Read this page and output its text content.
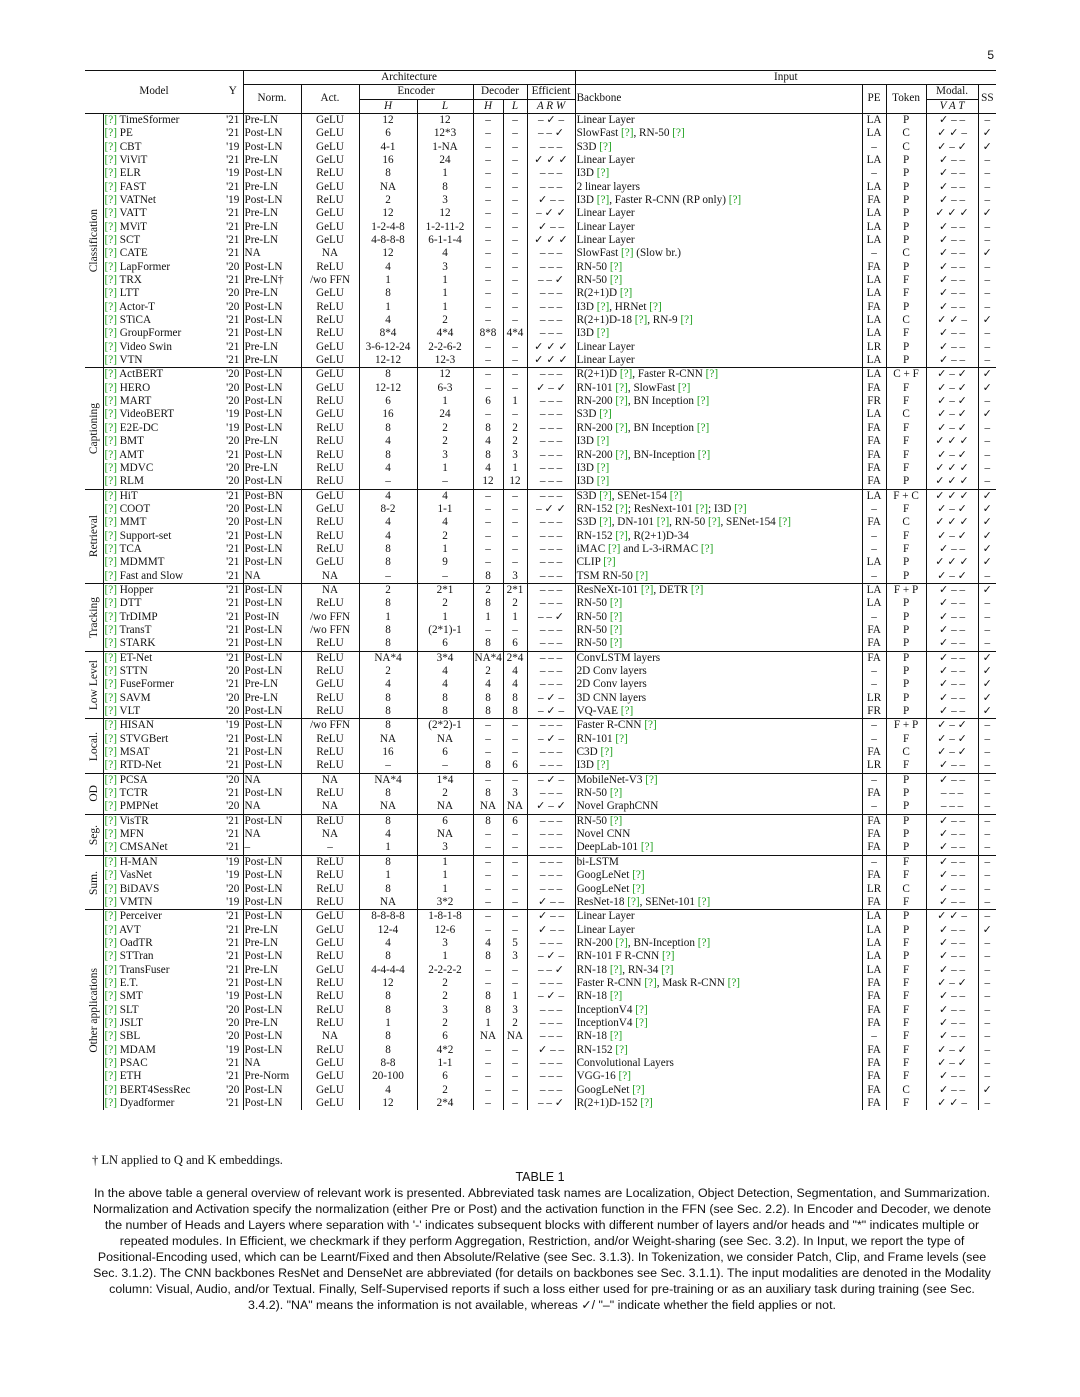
5
Model		Y	Architecture							Input				
			Norm.	Act.	Encoder		Decoder		Efficient	Backbone	PE	Token	Modal.	SS
					H	L	H	L	A R W				V A T	

Classification	[?] TimeSformer	'21	Pre-LN	GeLU	12	12	–	–	– ✓ –	Linear Layer	LA	P	✓ – –	–
	[?] PE	'21	Post-LN	GeLU	6	12*3	–	–	– – ✓	SlowFast [?], RN-50 [?]	LA	C	✓ ✓ –	✓
	[?] CBT	'19	Post-LN	GeLU	4-1	1-NA	–	–	– – –	S3D [?]	–	C	✓ – ✓	✓
	[?] ViViT	'21	Pre-LN	GeLU	16	24	–	–	✓ ✓ ✓	Linear Layer	LA	P	✓ – –	–
	[?] ELR	'19	Post-LN	ReLU	8	1	–	–	– – –	I3D [?]	–	P	✓ – –	–
	[?] FAST	'21	Pre-LN	GeLU	NA	8	–	–	– – –	2 linear layers	LA	P	✓ – –	–
	[?] VATNet	'19	Post-LN	ReLU	2	3	–	–	✓ – –	I3D [?], Faster R-CNN (RP only) [?]	FA	P	✓ – –	–
	[?] VATT	'21	Pre-LN	GeLU	12	12	–	–	– ✓ ✓	Linear Layer	LA	P	✓ ✓ ✓	✓
	[?] MViT	'21	Pre-LN	GeLU	1-2-4-8	1-2-11-2	–	–	✓ – –	Linear Layer	LA	P	✓ – –	–
	[?] SCT	'21	Pre-LN	GeLU	4-8-8-8	6-1-1-4	–	–	✓ ✓ ✓	Linear Layer	LA	P	✓ – –	–
	[?] CATE	'21	NA	NA	12	4	–	–	– – –	SlowFast [?] (Slow br.)	–	C	✓ – –	✓
	[?] LapFormer	'20	Post-LN	ReLU	4	3	–	–	– – –	RN-50 [?]	FA	P	✓ – –	–
	[?] TRX	'21	Pre-LN†	/wo FFN	1	1	–	–	– – ✓	RN-50 [?]	LA	F	✓ – –	–
	[?] LTT	'20	Pre-LN	GeLU	8	1	–	–	– – –	R(2+1)D [?]	LA	F	✓ – –	–
	[?] Actor-T	'20	Post-LN	ReLU	1	1	–	–	– – –	I3D [?], HRNet [?]	FA	P	✓ – –	–
	[?] STiCA	'21	Post-LN	ReLU	4	2	–	–	– – –	R(2+1)D-18 [?], RN-9 [?]	LA	C	✓ ✓ –	✓
	[?] GroupFormer	'21	Post-LN	ReLU	8*4	4*4	8*8	4*4	– – –	I3D [?]	LA	F	✓ – –	–
	[?] Video Swin	'21	Pre-LN	GeLU	3-6-12-24	2-2-6-2	–	–	✓ ✓ ✓	Linear Layer	LR	P	✓ – –	–
	[?] VTN	'21	Pre-LN	GeLU	12-12	12-3	–	–	✓ ✓ ✓	Linear Layer	LA	P	✓ – –	–

Captioning	[?] ActBERT	'20	Post-LN	GeLU	8	12	–	–	– – –	R(2+1)D [?], Faster R-CNN [?]	LA	C + F	✓ – ✓	✓
	[?] HERO	'20	Post-LN	GeLU	12-12	6-3	–	–	✓ – ✓	RN-101 [?], SlowFast [?]	FA	F	✓ – ✓	✓
	[?] MART	'20	Post-LN	ReLU	6	1	6	1	– – –	RN-200 [?], BN Inception [?]	FR	F	✓ – ✓	–
	[?] VideoBERT	'19	Post-LN	GeLU	16	24	–	–	– – –	S3D [?]	LA	C	✓ – ✓	✓
	[?] E2E-DC	'19	Post-LN	ReLU	8	2	8	2	– – –	RN-200 [?], BN Inception [?]	FA	F	✓ – ✓	–
	[?] BMT	'20	Pre-LN	ReLU	4	2	4	2	– – –	I3D [?]	FA	F	✓ ✓ ✓	–
	[?] AMT	'21	Post-LN	ReLU	8	3	8	3	– – –	RN-200 [?], BN-Inception [?]	FA	F	✓ – ✓	–
	[?] MDVC	'20	Pre-LN	ReLU	4	1	4	1	– – –	I3D [?]	FA	F	✓ ✓ ✓	–
	[?] RLM	'20	Post-LN	ReLU	–	–	12	12	– – –	I3D [?]	FA	P	✓ ✓ ✓	–

Retrieval	[?] HiT	'21	Post-BN	GeLU	4	4	–	–	– – –	S3D [?], SENet-154 [?]	LA	F + C	✓ ✓ ✓	✓
	[?] COOT	'20	Post-LN	GeLU	8-2	1-1	–	–	– ✓ ✓	RN-152 [?]; ResNext-101 [?]; I3D [?]	–	F	✓ – ✓	✓
	[?] MMT	'20	Post-LN	ReLU	4	4	–	–	– – –	S3D [?], DN-101 [?], RN-50 [?], SENet-154 [?]	FA	C	✓ ✓ ✓	✓
	[?] Support-set	'21	Post-LN	ReLU	4	2	–	–	– – –	RN-152 [?], R(2+1)D-34	–	F	✓ – ✓	✓
	[?] TCA	'21	Post-LN	ReLU	8	1	–	–	– – –	iMAC [?] and L-3-iRMAC [?]	–	F	✓ – –	✓
	[?] MDMMT	'21	Post-LN	GeLU	8	9	–	–	– – –	CLIP [?]	LA	P	✓ ✓ ✓	✓
	[?] Fast and Slow	'21	NA	NA	–	–	8	3	– – –	TSM RN-50 [?]	–	P	✓ – ✓	–

Tracking	[?] Hopper	'21	Post-LN	NA	2	2*1	2	2*1	– – –	ResNeXt-101 [?], DETR [?]	LA	F + P	✓ – –	✓
	[?] DTT	'21	Post-LN	ReLU	8	2	8	2	– – –	RN-50 [?]	LA	P	✓ – –	–
	[?] TrDIMP	'21	Post-IN	/wo FFN	1	1	1	1	– – ✓	RN-50 [?]	–	P	✓ – –	–
	[?] TransT	'21	Post-LN	/wo FFN	8	(2*1)-1	–	–	– – –	RN-50 [?]	FA	P	✓ – –	–
	[?] STARK	'21	Post-LN	ReLU	8	6	8	6	– – –	RN-50 [?]	FA	P	✓ – –	–

Low Level	[?] ET-Net	'21	Post-LN	ReLU	NA*4	3*4	NA*4	2*4	– – –	ConvLSTM layers	FA	P	✓ – –	✓
	[?] STTN	'20	Post-LN	ReLU	2	4	2	4	– – –	2D Conv layers	–	P	✓ – –	✓
	[?] FuseFormer	'21	Pre-LN	GeLU	4	4	4	4	– – –	2D Conv layers	–	P	✓ – –	✓
	[?] SAVM	'20	Pre-LN	ReLU	8	8	8	8	– ✓ –	3D CNN layers	LR	P	✓ – –	✓
	[?] VLT	'20	Post-LN	ReLU	8	8	8	8	– ✓ –	VQ-VAE [?]	FR	P	✓ – –	✓

Local.	[?] HISAN	'19	Post-LN	/wo FFN	8	(2*2)-1	–	–	– – –	Faster R-CNN [?]	–	F + P	✓ – ✓	–
	[?] STVGBert	'21	Post-LN	ReLU	NA	NA	–	–	– ✓ –	RN-101 [?]	–	F	✓ – ✓	–
	[?] MSAT	'21	Post-LN	ReLU	16	6	–	–	– – –	C3D [?]	FA	C	✓ – ✓	–
	[?] RTD-Net	'21	Post-LN	ReLU	–	–	8	6	– – –	I3D [?]	LR	F	✓ – –	–

OD	[?] PCSA	'20	NA	NA	NA*4	1*4	–	–	– ✓ –	MobileNet-V3 [?]	–	P	✓ – –	–
	[?] TCTR	'21	Post-LN	ReLU	8	2	8	3	– – –	RN-50 [?]	FA	P	– – –	–
	[?] PMPNet	'20	NA	NA	NA	NA	NA	NA	✓ – ✓	Novel GraphCNN	–	P	– – –	–

Seg.	[?] VisTR	'21	Post-LN	ReLU	8	6	8	6	– – –	RN-50 [?]	FA	P	✓ – –	–
	[?] MFN	'21	NA	NA	4	NA	–	–	– – –	Novel CNN	FA	P	✓ – –	–
	[?] CMSANet	'21	–	–	1	3	–	–	– – –	DeepLab-101 [?]	FA	P	✓ – –	–

Sum.	[?] H-MAN	'19	Post-LN	ReLU	8	1	–	–	– – –	bi-LSTM	–	F	✓ – –	–
	[?] VasNet	'19	Post-LN	ReLU	1	1	–	–	– – –	GoogLeNet [?]	FA	F	✓ – –	–
	[?] BiDAVS	'20	Post-LN	ReLU	8	1	–	–	– – –	GoogLeNet [?]	LR	C	✓ – –	–
	[?] VMTN	'19	Post-LN	ReLU	NA	3*2	–	–	✓ – –	ResNet-18 [?], SENet-101 [?]	FA	F	✓ – –	–

Other applications	[?] Perceiver	'21	Post-LN	GeLU	8-8-8-8	1-8-1-8	–	–	✓ – –	Linear Layer	LA	P	✓ ✓ –	–
	[?] AVT	'21	Pre-LN	GeLU	12-4	12-6	–	–	✓ – –	Linear Layer	LA	P	✓ – –	✓
	[?] OadTR	'21	Pre-LN	GeLU	4	3	4	5	– – –	RN-200 [?], BN-Inception [?]	LA	F	✓ – –	–
	[?] STTran	'21	Post-LN	ReLU	8	1	8	3	– ✓ –	RN-101 F R-CNN [?]	LA	P	✓ – –	–
	[?] TransFuser	'21	Pre-LN	GeLU	4-4-4-4	2-2-2-2	–	–	– – ✓	RN-18 [?], RN-34 [?]	LA	F	✓ – –	–
	[?] E.T.	'21	Post-LN	ReLU	12	2	–	–	– – –	Faster R-CNN [?], Mask R-CNN [?]	FA	F	✓ – ✓	–
	[?] SMT	'19	Post-LN	ReLU	8	2	8	1	– ✓ –	RN-18 [?]	FA	F	✓ – –	–
	[?] SLT	'20	Post-LN	ReLU	8	3	8	3	– – –	InceptionV4 [?]	FA	F	✓ – –	–
	[?] JSLT	'20	Pre-LN	ReLU	1	2	1	2	– – –	InceptionV4 [?]	FA	F	✓ – –	–
	[?] SBL	'20	Post-LN	NA	8	6	NA	NA	– – –	RN-18 [?]	–	F	✓ – –	–
	[?] MDAM	'19	Post-LN	ReLU	8	4*2	–	–	✓ – –	RN-152 [?]	FA	F	✓ – ✓	–
	[?] PSAC	'21	NA	GeLU	8-8	1-1	–	–	– – –	Convolutional Layers	FA	F	✓ – ✓	–
	[?] ETH	'21	Pre-Norm	GeLU	20-100	6	–	–	– – –	VGG-16 [?]	FA	F	✓ – –	–
	[?] BERT4SessRec	'20	Post-LN	GeLU	4	2	–	–	– – –	GoogLeNet [?]	FA	C	✓ – –	✓
	[?] Dyadformer	'21	Post-LN	GeLU	12	2*4	–	–	– – ✓	R(2+1)D-152 [?]	FA	F	✓ ✓ –	–
† LN applied to Q and K embeddings.
TABLE 1
In the above table a general overview of relevant work is presented. Abbreviated task names are Localization, Object Detection, Segmentation, and Summarization. Normalization and Activation specify the normalization (either Pre or Post) and the activation function in the FFN (see Sec. 2.2). In Encoder and Decoder, we denote the number of Heads and Layers where separation with '-' indicates subsequent blocks with different number of layers and/or heads and "*" indicates multiple or repeated modules. In Efficient, we checkmark if they perform Aggregation, Restriction, and/or Weight-sharing (see Sec. 3.2). In Input, we report the type of Positional-Encoding used, which can be Learnt/Fixed and then Absolute/Relative (see Sec. 3.1.3). In Tokenization, we consider Patch, Clip, and Frame levels (see Sec. 3.1.2). The CNN backbones ResNet and DenseNet are abbreviated (for details on backbones see Sec. 3.1.1). The input modalities are denoted in the Modality column: Visual, Audio, and/or Textual. Finally, Self-Supervised reports if such a loss either used for pre-training or as an auxiliary task during training (see Sec. 3.4.2). "NA" means the information is not available, whereas ✓/ "–" indicate whether the field applies or not.
